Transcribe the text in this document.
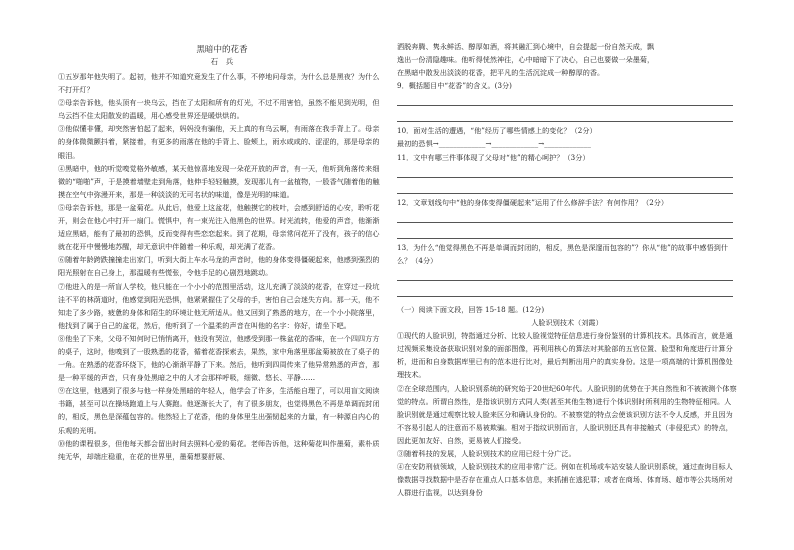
黑暗中的花香
石　兵

①五岁那年他失明了。起初，他并不知道究竟发生了什么事，不停地问母亲，为什么总是黑夜？为什么不打开灯？

②母亲告诉他，他头顶有一块乌云，挡在了太阳和所有的灯光，不过不用害怕，虽然不能见到光明，但乌云挡不住太阳散发的温暖，用心感受世界还是暖烘烘的。

③他似懂非懂，却突然害怕起了起来，妈妈没有骗他，天上真的有乌云啊，有雨落在我手背上了。母亲的身体微微颤抖着，紧接着，有更多的雨落在他的手背上、脸颊上，雨水咸咸的、涩涩的，那是母亲的眼泪。

④黑暗中，他的听觉嗅觉格外敏感，某天他惊喜地发现一朵花开放的声音，有一天，他听到角落传来细微的“啪啪”声，于是摸着墙壁走到角落，他伸手轻轻触摸，发现那儿有一盆植物，一股香气随着他的触摸在空气中弥漫开来，那是一种淡淡的无可名状的味道，像是光明的味道。

⑤母亲告诉他，那是一盆菊花。从此后，他爱上这盆花，他触摸它的枝叶，会感到舒适的心安，聆听花开，则会在他心中打开一扇门。慌惧中，有一束光注入他黑色的世界。时光流转，他爱的声音，他渐渐适应黑暗，能有了最初的恐惧，反而变得有些恋恋起来。到了花期，母亲常问花开了没有，孩子的信心就在花开中慢慢地苏醒，却无意识中伴随着一种乐观，却光满了花香。

⑥随着年龄跨跌撞撞走出家门，听到大街上车水马龙的声音时，他的身体变得僵硬起来，他感到强烈的阳光照射在自己身上，那温暖有些慌张，令他手足的心剧烈地跳动。

⑦他进入的是一所盲人学校，他只能在一个小小的范围里活动，这儿充满了淡淡的花香，在穿过一段坑洼不平的林荫道时，他感觉到阳光恐惧，他紧紧握住了父母的手，害怕自己会迷失方向。那一天，他不知走了多少路，疲惫的身体和陌生的环境让他无所适从。他又回到了熟悉的地方，在一个小小院落里，他找到了属于自己的盆花，然后，他听到了一个温柔的声音在叫他的名字：你好，请坐下吧。

⑧他坐了下来，父母不知何时已悄悄离开，他没有哭泣，他感受到那一株盆花的香味，在一个四四方方的桌子，这时，他嗅到了一股熟悉的花香，循着花香探索去，果然，家中角落里那盆菊被放在了桌子的一角。在熟悉的花香环绕下，他的心渐渐平静了下来。然后，他听到四周传来了他异常熟悉的声音，那是一种平缓的声音，只有身处黑暗之中的人才会那样呼吸，细微、悠长、平静……

⑨在这里，他遇到了很多与他一样身处黑暗的年轻人，他学会了许多，生活能自理了，可以用盲文阅读书籍，甚至可以在操场跑道上与人赛跑。他逐渐长大了，有了很多朋友，也觉得黑色不再是单调而封闭的，相反，黑色是深蕴包容的。他然轻上了花香，他的身体里生出强韧起来的力量，有一种源自内心的乐观的光明。

⑩他的课程很多，但他每天都会留出时间去照料心爱的菊花。老师告诉他，这种菊花叫作墨菊，素朴质纯无华，却端庄稳重，在花的世界里，墨菊想要舒展、

洒脱奔腾、隽永鲜活、醇厚如酒，将其融汇到心境中，自会提起一份自然天成，飘

逸出一份清隐趣味。他听得恍然神往，心中暗暗下了决心，自己也要做一朵墨菊，

在黑暗中散发出淡淡的花香，把平凡的生活沉淀成一种醇厚的香。

9．概括题目中“花香”的含义。(3分)

10．面对生活的遭遇，“他”经历了哪些情感上的变化？（2分）

最初的恐惧→_____________→_____________→_____________

11．文中有哪三件事体现了父母对“他”的精心呵护？（3分）

12．文章划线句中“他的身体变得僵硬起来”运用了什么修辞手法？有何作用？（2分）

13．为什么“他觉得黑色不再是单调而封闭的，相反，黑色是深邃而包容的”？你从“他”的故事中感悟到什么？（4分）

（一）阅读下面文段，回答 15-18 题。(12分)

人脸识别技术（刘霞）

①现代的人脸识别，特指通过分析、比较人脸视觉特征信息进行身份鉴别的计算机技术。具体而言，就是通过视频采集设备获取识别对象的面部图像，再利用核心的算法对其脸部的五官位置、脸型和角度进行计算分析，进而和自身数据库里已有的范本进行比对，最后判断出用户的真实身份。这是一项高端的计算机图像处理技术。

②在全球范围内，人脸识别系统的研究始于20世纪60年代。人脸识别的优势在于其自然性和不被被测个体察觉的特点。所谓自然性，是指该识别方式同人类(甚至其他生物)进行个体识别时所利用的生物特征相同。人脸识别就是通过观察比较人脸来区分和确认身份的。不被察觉的特点会使该识别方法不令人反感，并且因为不容易引起人的注意而不易被欺骗。相对于指纹识别而言，人脸识别还具有非接触式（非侵犯式）的特点，因此更加友好、自然，更易被人们接受。

③随着科技的发展，人脸识别技术的应用已经十分广泛。

④在安防刑侦领域，人脸识别技术的应用非常广泛。例如在机场或车站安装人脸识别系统，通过查询目标人像数据寻找数据中是否存在重点人口基本信息，来抓捕在逃犯罪；或者在商场、体育场、超市等公共场所对人群进行监视，以达到身份
